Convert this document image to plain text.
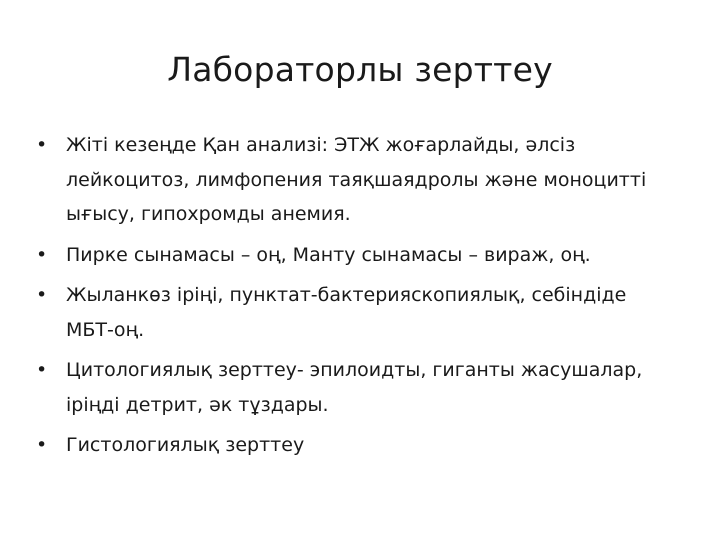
Лабораторлы зерттеу
• Жіті кезеңде Қан анализі: ЭТЖ жоғарлайды, әлсіз лейкоцитоз, лимфопения таяқшаядролы және моноцитті ығысу, гипохромды анемия.
• Пирке сынамасы – оң, Манту сынамасы – вираж, оң.
• Жыланкөз іріңі, пунктат-бактерияскопиялық, себіндіде МБТ-оң.
• Цитологиялық зерттеу- эпилоидты, гиганты жасушалар, іріңді детрит, әк тұздары.
• Гистологиялық зерттеу
